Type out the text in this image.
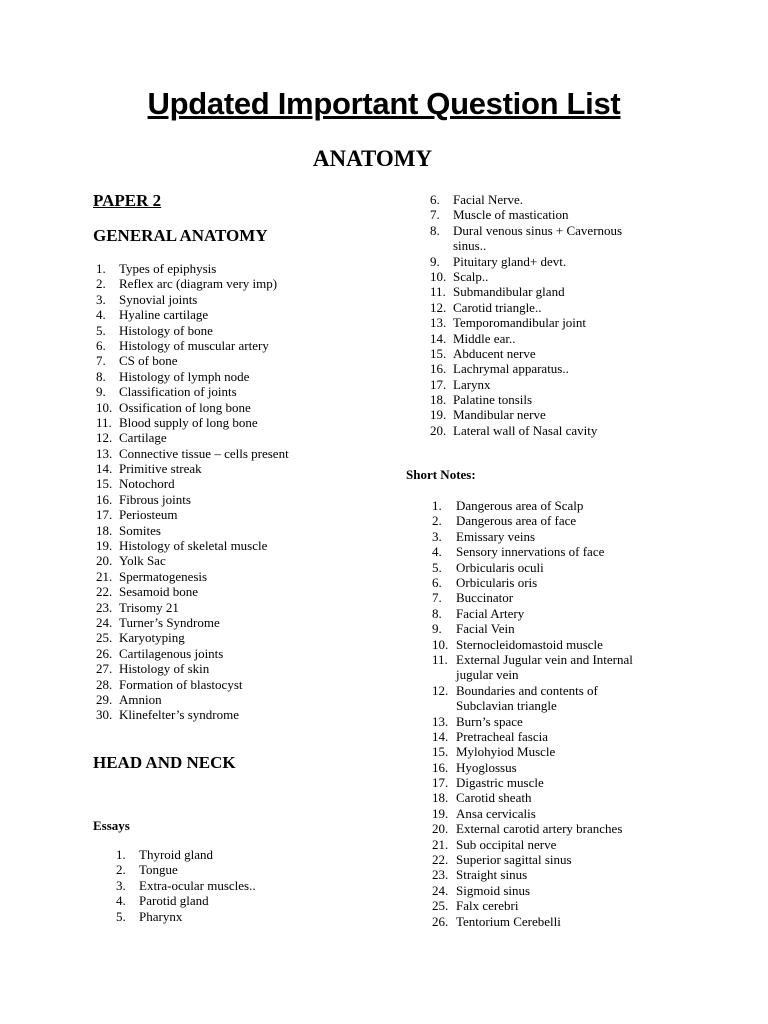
Updated Important Question List
ANATOMY
PAPER 2
GENERAL ANATOMY
1.	Types of epiphysis
2.	Reflex arc (diagram very imp)
3.	Synovial joints
4.	Hyaline cartilage
5.	Histology of bone
6.	Histology of muscular artery
7.	CS of bone
8.	Histology of lymph node
9.	Classification of joints
10. Ossification of long bone
11. Blood supply of long bone
12. Cartilage
13. Connective tissue – cells present
14. Primitive streak
15. Notochord
16. Fibrous joints
17. Periosteum
18. Somites
19. Histology of skeletal muscle
20. Yolk Sac
21. Spermatogenesis
22. Sesamoid bone
23. Trisomy 21
24. Turner’s Syndrome
25. Karyotyping
26. Cartilagenous joints
27. Histology of skin
28. Formation of blastocyst
29. Amnion
30. Klinefelter’s syndrome
HEAD AND NECK
Essays
1.	Thyroid gland
2.	Tongue
3.	Extra-ocular muscles..
4.	Parotid gland
5.	Pharynx
6.	Facial Nerve.
7.	Muscle of mastication
8.	Dural venous sinus + Cavernous sinus..
9.	Pituitary gland+ devt.
10. Scalp..
11. Submandibular gland
12. Carotid triangle..
13. Temporomandibular joint
14. Middle ear..
15. Abducent nerve
16. Lachrymal apparatus..
17. Larynx
18. Palatine tonsils
19. Mandibular nerve
20. Lateral wall of Nasal cavity
Short Notes:
1.	Dangerous area of Scalp
2.	Dangerous area of face
3.	Emissary veins
4.	Sensory innervations of face
5.	Orbicularis oculi
6.	Orbicularis oris
7.	Buccinator
8.	Facial Artery
9.	Facial Vein
10. Sternocleidomastoid muscle
11. External Jugular vein and Internal jugular vein
12. Boundaries and contents of Subclavian triangle
13. Burn’s space
14. Pretracheal fascia
15. Mylohyiod Muscle
16. Hyoglossus
17. Digastric muscle
18. Carotid sheath
19. Ansa cervicalis
20. External carotid artery branches
21. Sub occipital nerve
22. Superior sagittal sinus
23. Straight sinus
24. Sigmoid sinus
25. Falx cerebri
26. Tentorium Cerebelli
